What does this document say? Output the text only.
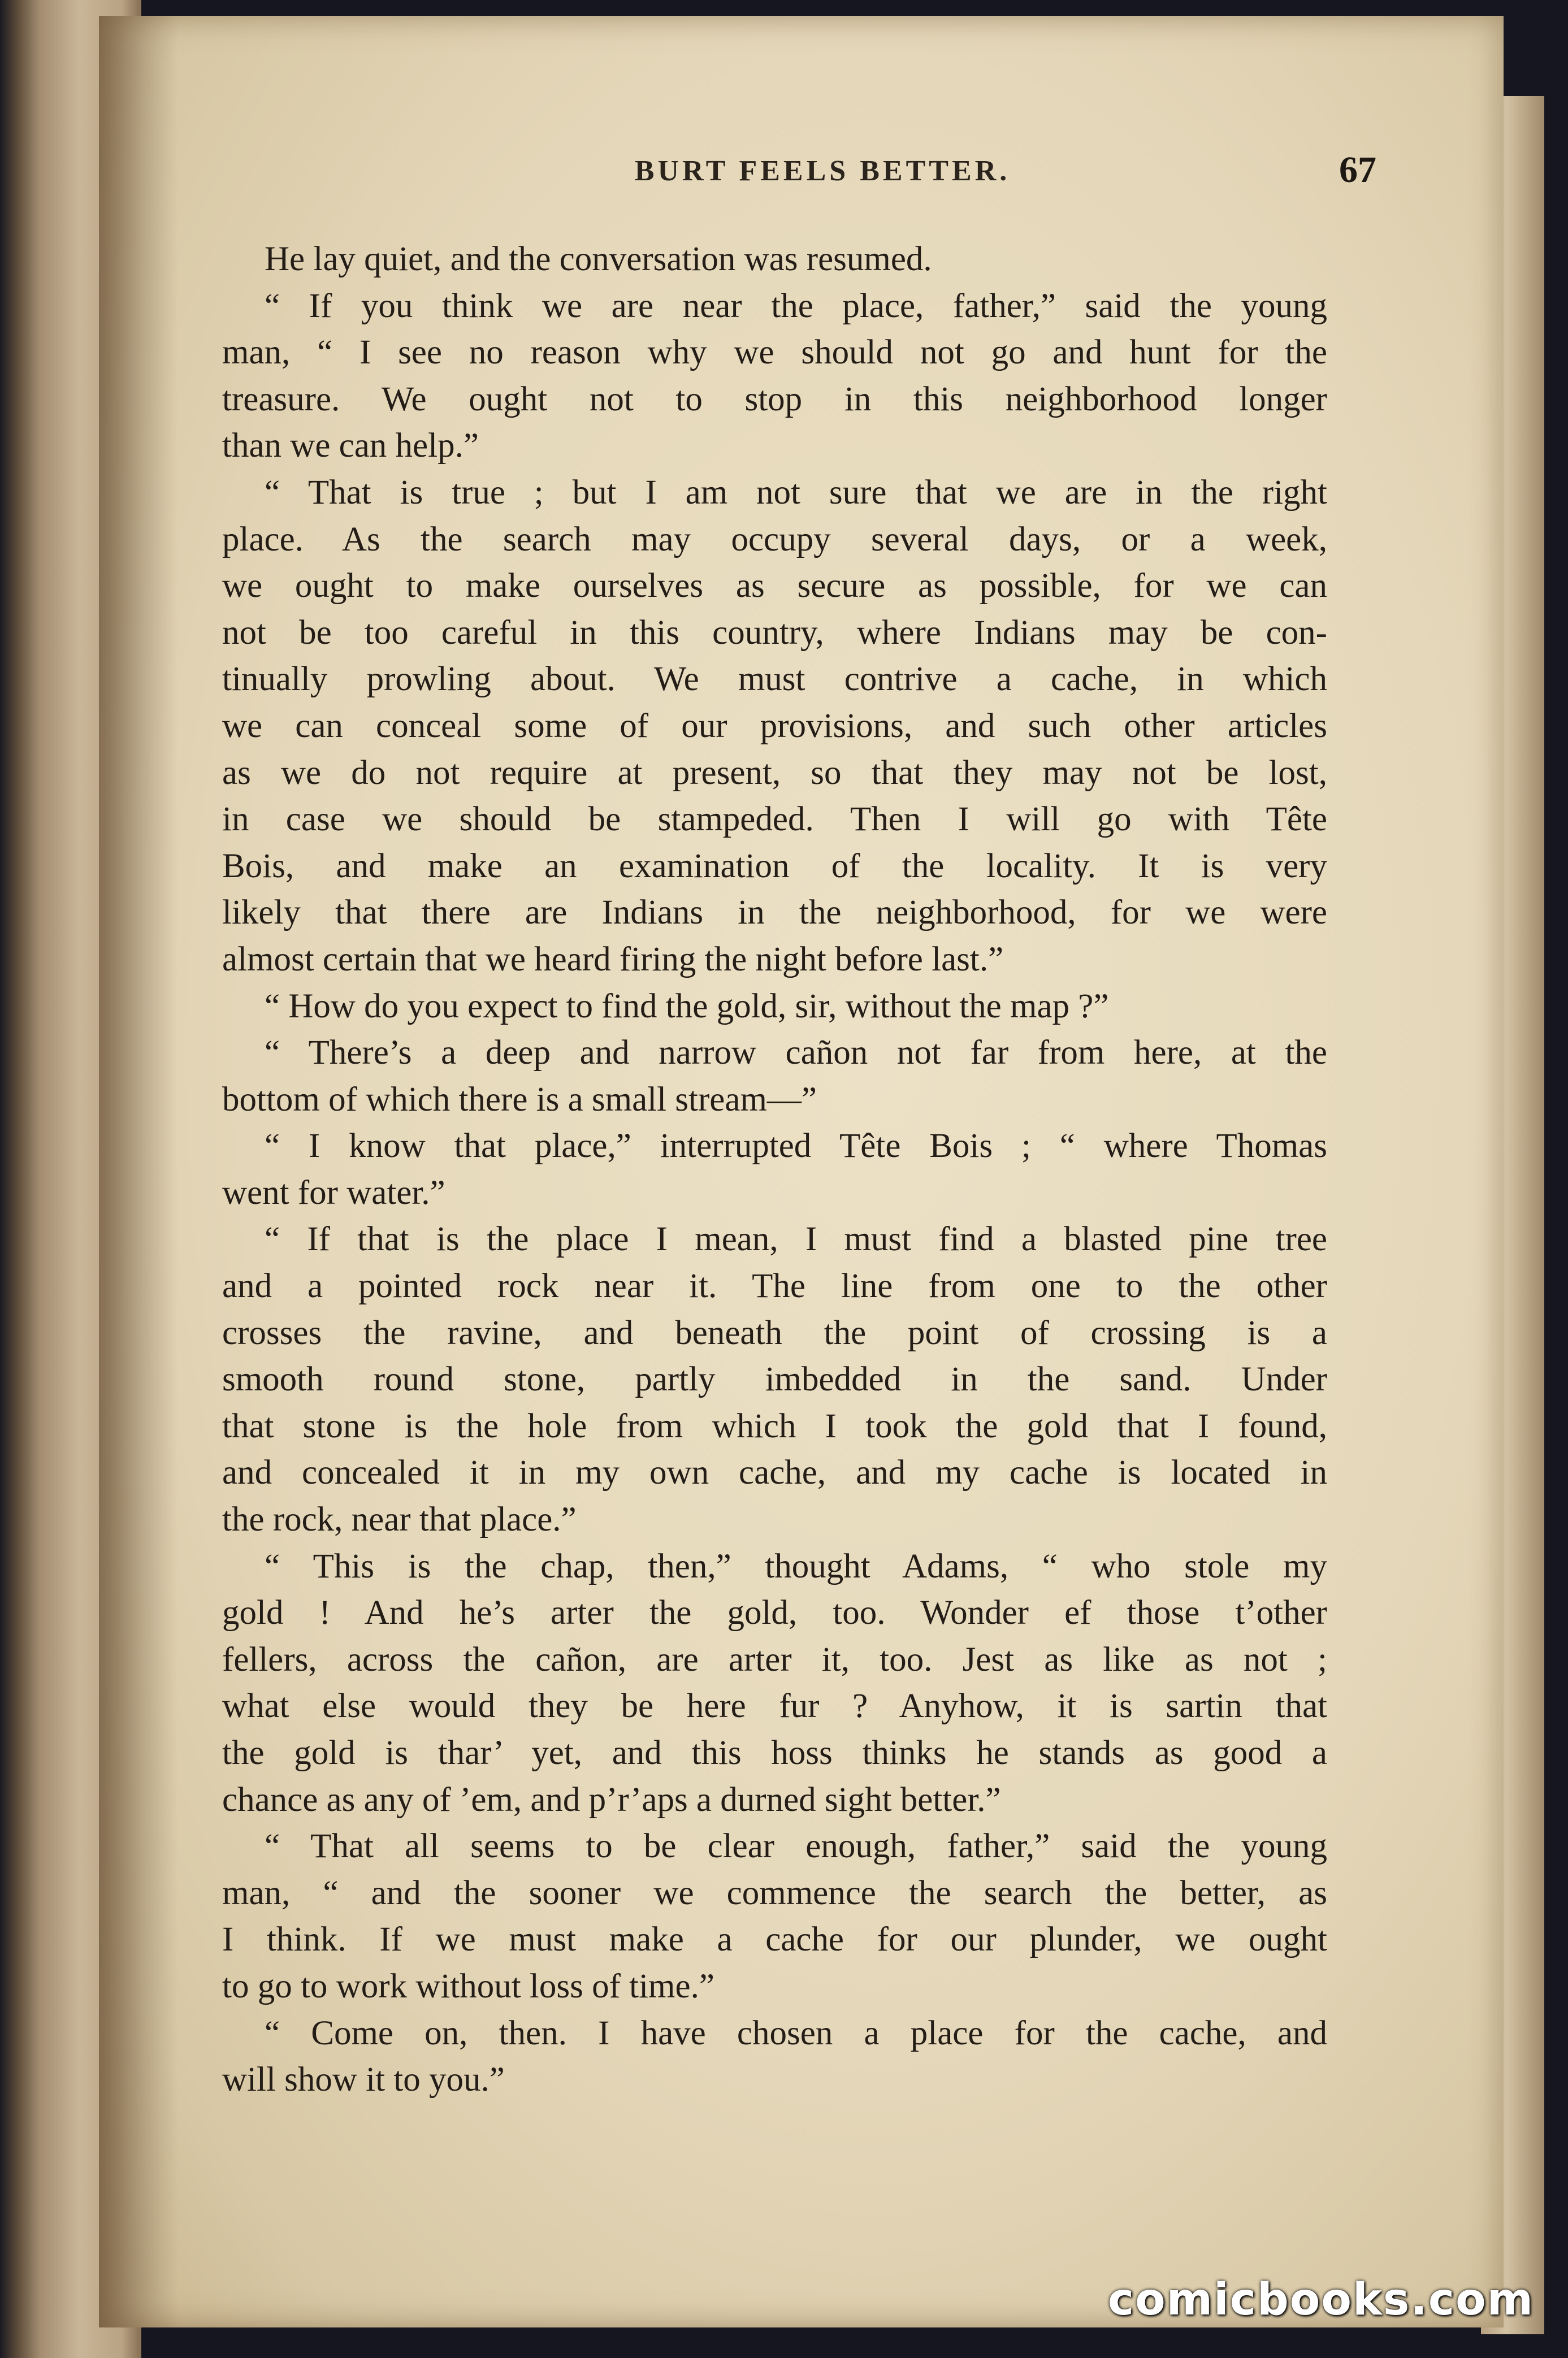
BURT FEELS BETTER.	67
He lay quiet, and the conversation was resumed.
“ If you think we are near the place, father,” said the young
man, “ I see no reason why we should not go and hunt for the
treasure. We ought not to stop in this neighborhood longer
than we can help.”
“ That is true ; but I am not sure that we are in the right
place. As the search may occupy several days, or a week,
we ought to make ourselves as secure as possible, for we can
not be too careful in this country, where Indians may be con-
tinually prowling about. We must contrive a cache, in which
we can conceal some of our provisions, and such other articles
as we do not require at present, so that they may not be lost,
in case we should be stampeded. Then I will go with Tête
Bois, and make an examination of the locality. It is very
likely that there are Indians in the neighborhood, for we were
almost certain that we heard firing the night before last.”
“ How do you expect to find the gold, sir, without the map ?”
“ There’s a deep and narrow cañon not far from here, at the
bottom of which there is a small stream—”
“ I know that place,” interrupted Tête Bois ; “ where Thomas
went for water.”
“ If that is the place I mean, I must find a blasted pine tree
and a pointed rock near it. The line from one to the other
crosses the ravine, and beneath the point of crossing is a
smooth round stone, partly imbedded in the sand. Under
that stone is the hole from which I took the gold that I found,
and concealed it in my own cache, and my cache is located in
the rock, near that place.”
“ This is the chap, then,” thought Adams, “ who stole my
gold ! And he’s arter the gold, too. Wonder ef those t’other
fellers, across the cañon, are arter it, too. Jest as like as not ;
what else would they be here fur ? Anyhow, it is sartin that
the gold is thar’ yet, and this hoss thinks he stands as good a
chance as any of ’em, and p’r’aps a durned sight better.”
“ That all seems to be clear enough, father,” said the young
man, “ and the sooner we commence the search the better, as
I think. If we must make a cache for our plunder, we ought
to go to work without loss of time.”
“ Come on, then. I have chosen a place for the cache, and
will show it to you.”
comicbooks.com
